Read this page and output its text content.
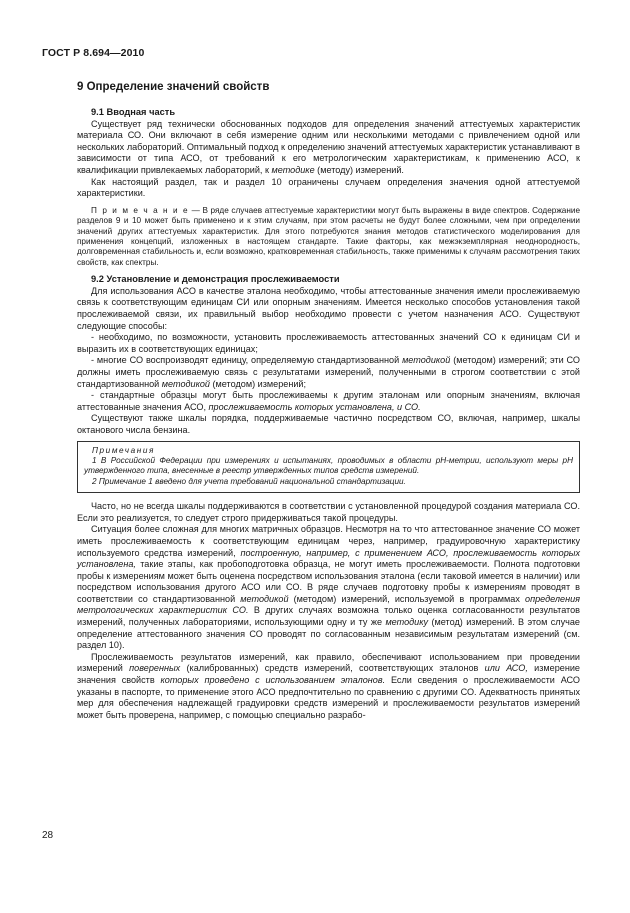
ГОСТ Р 8.694—2010
9 Определение значений свойств
9.1 Вводная часть

Существует ряд технически обоснованных подходов для определения значений аттестуемых характеристик материала СО. Они включают в себя измерение одним или несколькими методами с привлечением одной или нескольких лабораторий. Оптимальный подход к определению значений аттестуемых характеристик устанавливают в зависимости от типа АСО, от требований к его метрологическим характеристикам, к применению АСО, к квалификации привлекаемых лабораторий, к методике (методу) измерений.

Как настоящий раздел, так и раздел 10 ограничены случаем определения значения одной аттестуемой характеристики.

П р и м е ч а н и е — В ряде случаев аттестуемые характеристики могут быть выражены в виде спектров. Содержание разделов 9 и 10 может быть применено и к этим случаям, при этом расчеты не будут более сложными, чем при определении значений других аттестуемых характеристик. Для этого потребуются знания методов статистического моделирования для применения концепций, изложенных в настоящем стандарте. Такие факторы, как межэкземплярная неоднородность, долговременная стабильность и, если возможно, кратковременная стабильность, также применимы к случаям рассмотрения таких свойств, как спектры.

9.2 Установление и демонстрация прослеживаемости

Для использования АСО в качестве эталона необходимо, чтобы аттестованные значения имели прослеживаемую связь к соответствующим единицам СИ или опорным значениям. Имеется несколько способов установления такой прослеживаемой связи, их правильный выбор необходимо провести с учетом назначения АСО. Существуют следующие способы:

- необходимо, по возможности, установить прослеживаемость аттестованных значений СО к единицам СИ и выразить их в соответствующих единицах;

- многие СО воспроизводят единицу, определяемую стандартизованной методикой (методом) измерений; эти СО должны иметь прослеживаемую связь с результатами измерений, полученными в строгом соответствии с этой стандартизованной методикой (методом) измерений;

- стандартные образцы могут быть прослеживаемы к другим эталонам или опорным значениям, включая аттестованные значения АСО, прослеживаемость которых установлена, и СО.

Существуют также шкалы порядка, поддерживаемые частично посредством СО, включая, например, шкалы октанового числа бензина.

Примечания
1 В Российской Федерации при измерениях и испытаниях, проводимых в области рН-метрии, используют меры рН утвержденного типа, внесенные в реестр утвержденных типов средств измерений.
2 Примечание 1 введено для учета требований национальной стандартизации.

Часто, но не всегда шкалы поддерживаются в соответствии с установленной процедурой создания материала СО. Если это реализуется, то следует строго придерживаться такой процедуры.

Ситуация более сложная для многих матричных образцов. Несмотря на то что аттестованное значение СО может иметь прослеживаемость к соответствующим единицам через, например, градуировочную характеристику используемого средства измерений, построенную, например, с применением АСО, прослеживаемость которых установлена, такие этапы, как пробоподготовка образца, не могут иметь прослеживаемости. Полнота подготовки пробы к измерениям может быть оценена посредством использования эталона (если таковой имеется в наличии) или посредством использования другого АСО или СО. В ряде случаев подготовку пробы к измерениям проводят в соответствии со стандартизованной методикой (методом) измерений, используемой в программах определения метрологических характеристик СО. В других случаях возможна только оценка согласованности результатов измерений, полученных лабораториями, использующими одну и ту же методику (метод) измерений. В этом случае определение аттестованного значения СО проводят по согласованным независимым результатам измерений (см. раздел 10).

Прослеживаемость результатов измерений, как правило, обеспечивают использованием при проведении измерений поверенных (калиброванных) средств измерений, соответствующих эталонов или АСО, измерение значения свойств которых проведено с использованием эталонов. Если сведения о прослеживаемости АСО указаны в паспорте, то применение этого АСО предпочтительно по сравнению с другими СО. Адекватность принятых мер для обеспечения надлежащей градуировки средств измерений и прослеживаемости результатов измерений может быть проверена, например, с помощью специально разрабо-

28
